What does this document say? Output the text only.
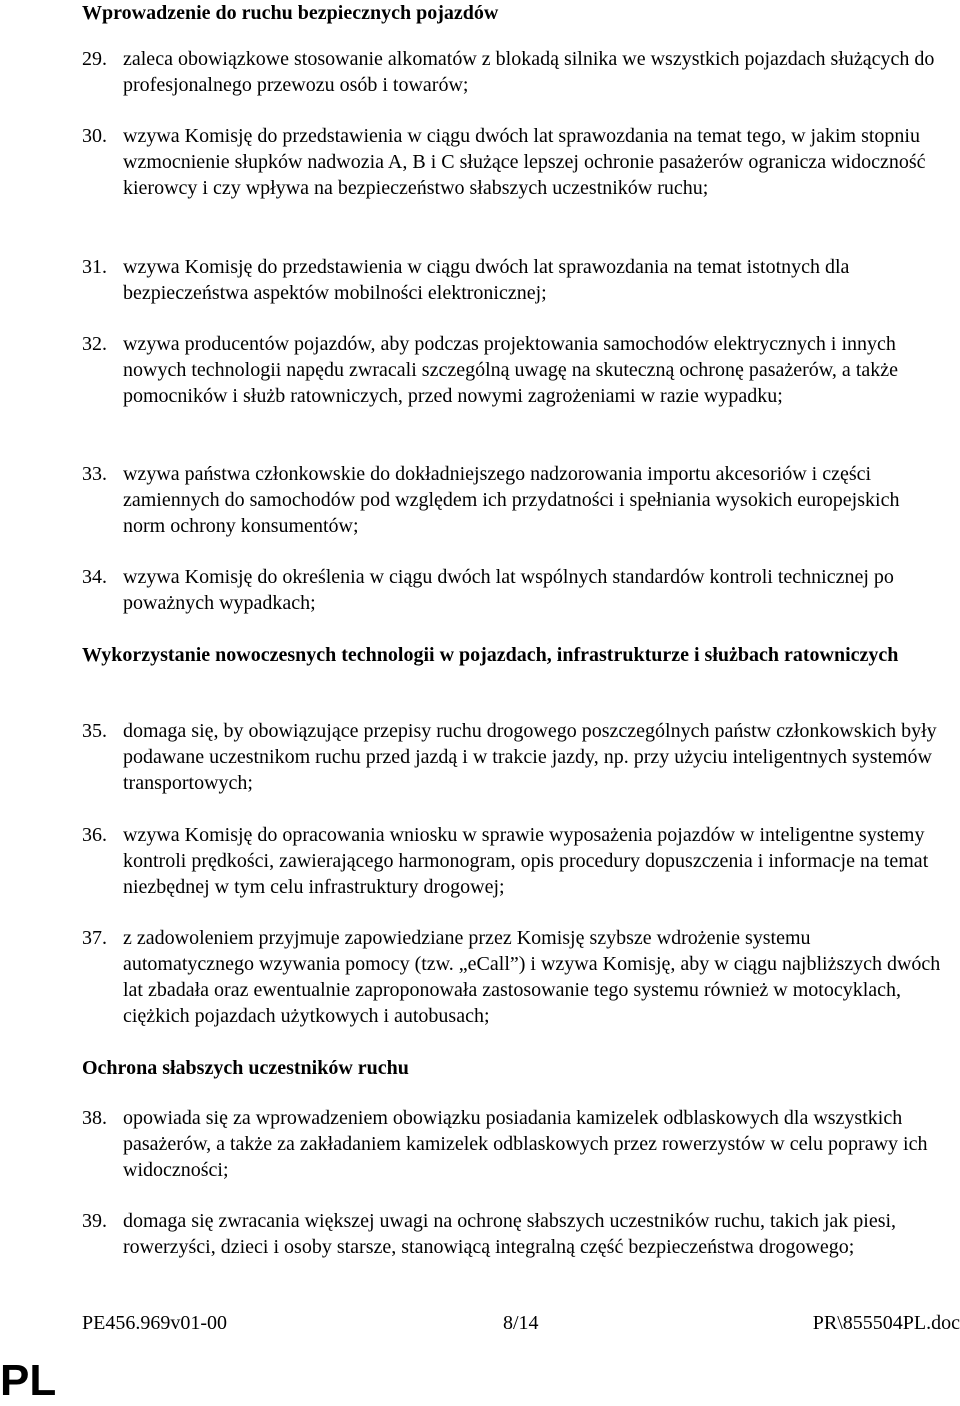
Wprowadzenie do ruchu bezpiecznych pojazdów
29. zaleca obowiązkowe stosowanie alkomatów z blokadą silnika we wszystkich pojazdach służących do profesjonalnego przewozu osób i towarów;
30. wzywa Komisję do przedstawienia w ciągu dwóch lat sprawozdania na temat tego, w jakim stopniu wzmocnienie słupków nadwozia A, B i C służące lepszej ochronie pasażerów ogranicza widoczność kierowcy i czy wpływa na bezpieczeństwo słabszych uczestników ruchu;
31. wzywa Komisję do przedstawienia w ciągu dwóch lat sprawozdania na temat istotnych dla bezpieczeństwa aspektów mobilności elektronicznej;
32. wzywa producentów pojazdów, aby podczas projektowania samochodów elektrycznych i innych nowych technologii napędu zwracali szczególną uwagę na skuteczną ochronę pasażerów, a także pomocników i służb ratowniczych, przed nowymi zagrożeniami w razie wypadku;
33. wzywa państwa członkowskie do dokładniejszego nadzorowania importu akcesoriów i części zamiennych do samochodów pod względem ich przydatności i spełniania wysokich europejskich norm ochrony konsumentów;
34. wzywa Komisję do określenia w ciągu dwóch lat wspólnych standardów kontroli technicznej po poważnych wypadkach;
Wykorzystanie nowoczesnych technologii w pojazdach, infrastrukturze i służbach ratowniczych
35. domaga się, by obowiązujące przepisy ruchu drogowego poszczególnych państw członkowskich były podawane uczestnikom ruchu przed jazdą i w trakcie jazdy, np. przy użyciu inteligentnych systemów transportowych;
36. wzywa Komisję do opracowania wniosku w sprawie wyposażenia pojazdów w inteligentne systemy kontroli prędkości, zawierającego harmonogram, opis procedury dopuszczenia i informacje na temat niezbędnej w tym celu infrastruktury drogowej;
37. z zadowoleniem przyjmuje zapowiedziane przez Komisję szybsze wdrożenie systemu automatycznego wzywania pomocy (tzw. „eCall”) i wzywa Komisję, aby w ciągu najbliższych dwóch lat zbadała oraz ewentualnie zaproponowała zastosowanie tego systemu również w motocyklach, ciężkich pojazdach użytkowych i autobusach;
Ochrona słabszych uczestników ruchu
38. opowiada się za wprowadzeniem obowiązku posiadania kamizelek odblaskowych dla wszystkich pasażerów, a także za zakładaniem kamizelek odblaskowych przez rowerzystów w celu poprawy ich widoczności;
39. domaga się zwracania większej uwagi na ochronę słabszych uczestników ruchu, takich jak piesi, rowerzyści, dzieci i osoby starsze, stanowiącą integralną część bezpieczeństwa drogowego;
PE456.969v01-00	8/14	PR\855504PL.doc
PL
